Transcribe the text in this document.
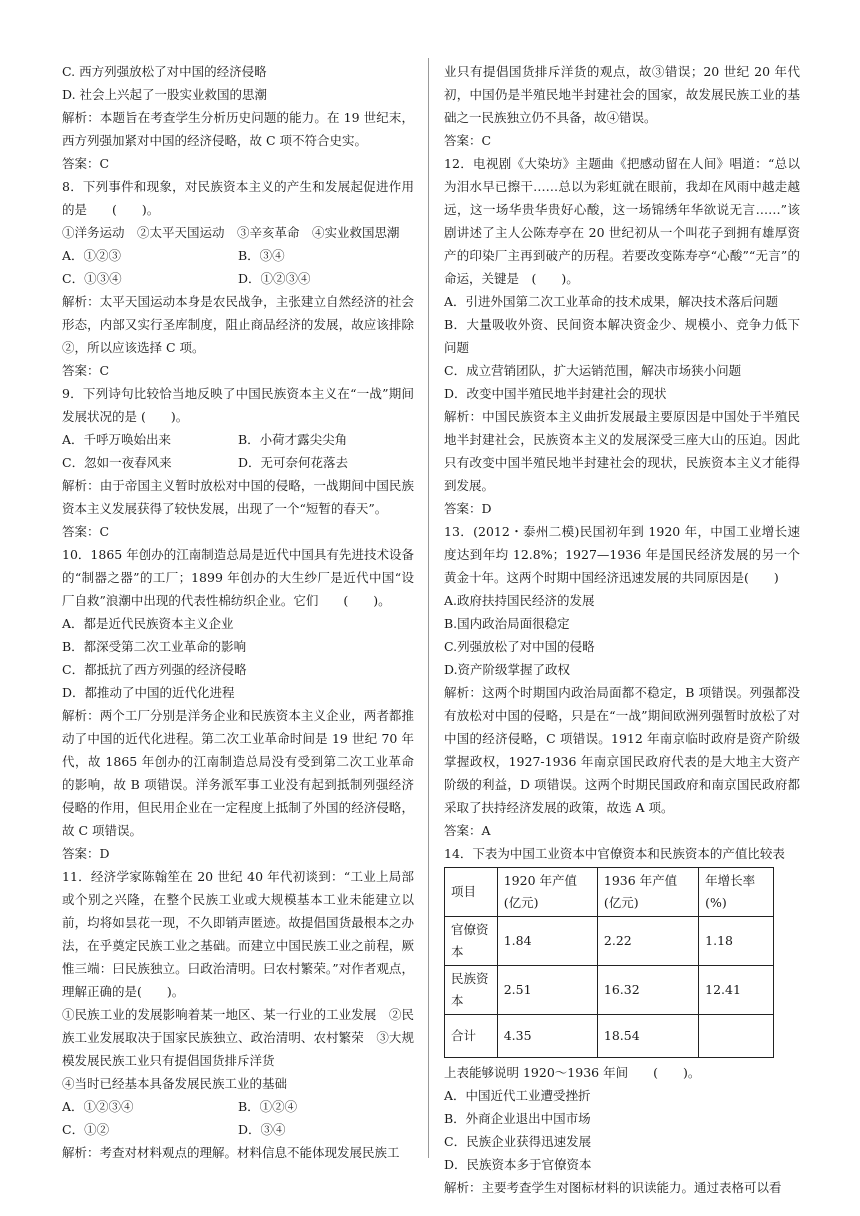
C. 西方列强放松了对中国的经济侵略

D. 社会上兴起了一股实业救国的思潮

解析：本题旨在考查学生分析历史问题的能力。在 19 世纪末，西方列强加紧对中国的经济侵略，故 C 项不符合史实。

答案：C

8．下列事件和现象，对民族资本主义的产生和发展起促进作用的是　　(　　)。

①洋务运动　②太平天国运动　③辛亥革命　④实业救国思潮

A．①②③	B．③④
C．①③④	D．①②③④

解析：太平天国运动本身是农民战争，主张建立自然经济的社会形态，内部又实行圣库制度，阻止商品经济的发展，故应该排除②，所以应该选择 C 项。

答案：C

9．下列诗句比较恰当地反映了中国民族资本主义在“一战”期间发展状况的是 (　　)。

A．千呼万唤始出来	B．小荷才露尖尖角
C．忽如一夜春风来	D．无可奈何花落去

解析：由于帝国主义暂时放松对中国的侵略，一战期间中国民族资本主义发展获得了较快发展，出现了一个“短暂的春天”。

答案：C

10．1865 年创办的江南制造总局是近代中国具有先进技术设备的“制器之器”的工厂；1899 年创办的大生纱厂是近代中国“设厂自救”浪潮中出现的代表性棉纺织企业。它们　　(　　)。

A．都是近代民族资本主义企业

B．都深受第二次工业革命的影响

C．都抵抗了西方列强的经济侵略

D．都推动了中国的近代化进程

解析：两个工厂分别是洋务企业和民族资本主义企业，两者都推动了中国的近代化进程。第二次工业革命时间是 19 世纪 70 年代，故 1865 年创办的江南制造总局没有受到第二次工业革命的影响，故 B 项错误。洋务派军事工业没有起到抵制列强经济侵略的作用，但民用企业在一定程度上抵制了外国的经济侵略，故 C 项错误。

答案：D

11．经济学家陈翰笙在 20 世纪 40 年代初谈到：“工业上局部或个别之兴隆，在整个民族工业或大规模基本工业未能建立以前，均将如昙花一现，不久即销声匿迹。故提倡国货最根本之办法，在乎奠定民族工业之基础。而建立中国民族工业之前程，厥惟三端：曰民族独立。曰政治清明。曰农村繁荣。”对作者观点，理解正确的是(　　)。

①民族工业的发展影响着某一地区、某一行业的工业发展　②民族工业发展取决于国家民族独立、政治清明、农村繁荣　③大规模发展民族工业只有提倡国货排斥洋货

④当时已经基本具备发展民族工业的基础

A．①②③④	B．①②④
C．①②	D．③④

解析：考查对材料观点的理解。材料信息不能体现发展民族工

业只有提倡国货排斥洋货的观点，故③错误；20 世纪 20 年代初，中国仍是半殖民地半封建社会的国家，故发展民族工业的基础之一民族独立仍不具备，故④错误。

答案：C

12．电视剧《大染坊》主题曲《把感动留在人间》唱道：“总以为泪水早已擦干……总以为彩虹就在眼前，我却在风雨中越走越远，这一场华贵华贵好心酸，这一场锦绣年华欲说无言……”该剧讲述了主人公陈寿亭在 20 世纪初从一个叫花子到拥有雄厚资产的印染厂主再到破产的历程。若要改变陈寿亭“心酸”“无言”的命运，关键是　(　　)。

A．引进外国第二次工业革命的技术成果，解决技术落后问题

B．大量吸收外资、民间资本解决资金少、规模小、竞争力低下问题

C．成立营销团队，扩大运销范围，解决市场狭小问题

D．改变中国半殖民地半封建社会的现状

解析：中国民族资本主义曲折发展最主要原因是中国处于半殖民地半封建社会，民族资本主义的发展深受三座大山的压迫。因此只有改变中国半殖民地半封建社会的现状，民族资本主义才能得到发展。

答案：D

13．(2012・泰州二模)民国初年到 1920 年，中国工业增长速度达到年均 12.8%；1927—1936 年是国民经济发展的另一个黄金十年。这两个时期中国经济迅速发展的共同原因是(　　)

A.政府扶持国民经济的发展

B.国内政治局面很稳定

C.列强放松了对中国的侵略

D.资产阶级掌握了政权

解析：这两个时期国内政治局面都不稳定，B 项错误。列强都没有放松对中国的侵略，只是在“一战”期间欧洲列强暂时放松了对中国的经济侵略，C 项错误。1912 年南京临时政府是资产阶级掌握政权，1927-1936 年南京国民政府代表的是大地主大资产阶级的利益，D 项错误。这两个时期民国政府和南京国民政府都采取了扶持经济发展的政策，故选 A 项。

答案：A

14．下表为中国工业资本中官僚资本和民族资本的产值比较表

项目	1920 年产值(亿元)	1936 年产值(亿元)	年增长率(%)
官僚资本	1.84	2.22	1.18
民族资本	2.51	16.32	12.41
合计	4.35	18.54	

上表能够说明 1920～1936 年间　　(　　)。

A．中国近代工业遭受挫折

B．外商企业退出中国市场

C．民族企业获得迅速发展

D．民族资本多于官僚资本

解析：主要考查学生对图标材料的识读能力。通过表格可以看
